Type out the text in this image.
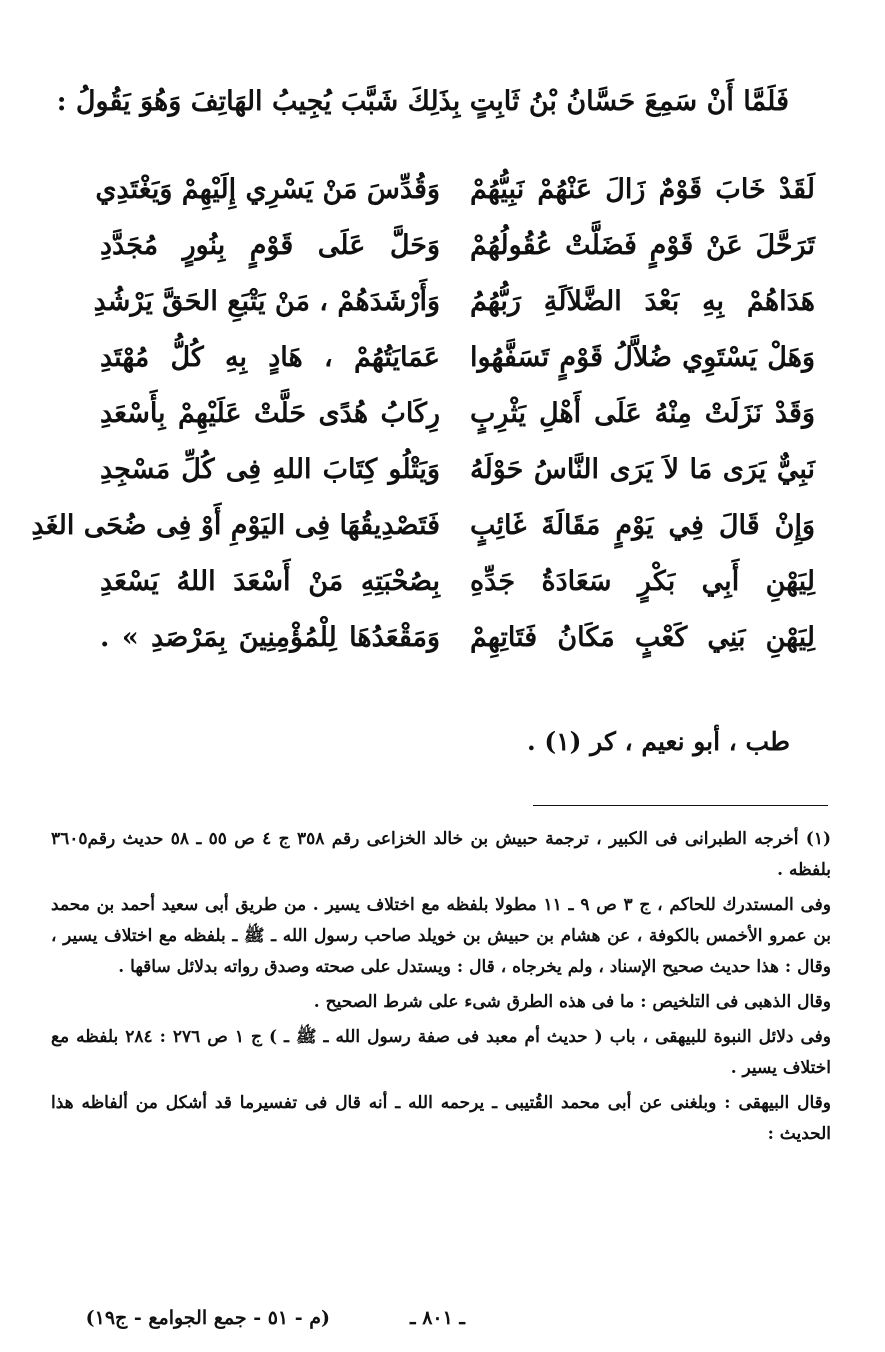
فَلَمَّا أَنْ سَمِعَ حَسَّانُ بْنُ ثَابِتٍ بِذَلِكَ شَبَّبَ يُجِيبُ الهَاتِفَ وَهُوَ يَقُولُ :
لَقَدْ خَابَ قَوْمٌ زَالَ عَنْهُمْ نَبِيُّهُمْ
وَقُدِّسَ مَنْ يَسْرِي إِلَيْهِمْ وَيَغْتَدِي
تَرَحَّلَ عَنْ قَوْمٍ فَضَلَّتْ عُقُولُهُمْ
وَحَلَّ عَلَى قَوْمٍ بِنُورٍ مُجَدَّدِ
هَدَاهُمْ بِهِ بَعْدَ الضَّلاَلَةِ رَبُّهُمُ
وَأَرْشَدَهُمْ ، مَنْ يَتْبَعِ الحَقَّ يَرْشُدِ
وَهَلْ يَسْتَوِي ضُلاَّلُ قَوْمٍ تَسَفَّهُوا
عَمَايَتُهُمْ ، هَادٍ بِهِ كُلُّ مُهْتَدِ
وَقَدْ نَزَلَتْ مِنْهُ عَلَى أَهْلِ يَثْرِبٍ
رِكَابُ هُدًى حَلَّتْ عَلَيْهِمْ بِأَسْعَدِ
نَبِيٌّ يَرَى مَا لاَ يَرَى النَّاسُ حَوْلَهُ
وَيَتْلُو كِتَابَ اللهِ فِى كُلِّ مَسْجِدِ
وَإِنْ قَالَ فِي يَوْمٍ مَقَالَةَ غَائِبٍ
فَتَصْدِيقُهَا فِى اليَوْمِ أَوْ فِى ضُحَى الغَدِ
لِيَهْنِ أَبِي بَكْرٍ سَعَادَةُ جَدِّهِ
بِصُحْبَتِهِ مَنْ أَسْعَدَ اللهُ يَسْعَدِ
لِيَهْنِ بَنِي كَعْبٍ مَكَانُ فَتَاتِهِمْ
وَمَقْعَدُهَا لِلْمُؤْمِنِينَ بِمَرْصَدِ » .
طب ، أبو نعيم ، كر (١) .

(١) أخرجه الطبرانى فى الكبير ، ترجمة حبيش بن خالد الخزاعى رقم ٣٥٨ ج ٤ ص ٥٥ ـ ٥٨ حديث رقم٣٦٠٥ بلفظه .

وفى المستدرك للحاكم ، ج ٣ ص ٩ ـ ١١ مطولا بلفظه مع اختلاف يسير . من طريق أبى سعيد أحمد بن محمد بن عمرو الأخمس بالكوفة ، عن هشام بن حبيش بن خويلد صاحب رسول الله ـ ﷺ ـ بلفظه مع اختلاف يسير ، وقال : هذا حديث صحيح الإسناد ، ولم يخرجاه ، قال : ويستدل على صحته وصدق رواته بدلائل ساقها .

وقال الذهبى فى التلخيص : ما فى هذه الطرق شىء على شرط الصحيح .

وفى دلائل النبوة للبيهقى ، باب ( حديث أم معبد فى صفة رسول الله ـ ﷺ ـ ) ج ١ ص ٢٧٦ : ٢٨٤ بلفظه مع اختلاف يسير .

وقال البيهقى : وبلغنى عن أبى محمد القُتيبى ـ يرحمه الله ـ أنه قال فى تفسيرما قد أشكل من ألفاظه هذا الحديث :

ـ ٨٠١ ـ
(م - ٥١ - جمع الجوامع - ج١٩)
